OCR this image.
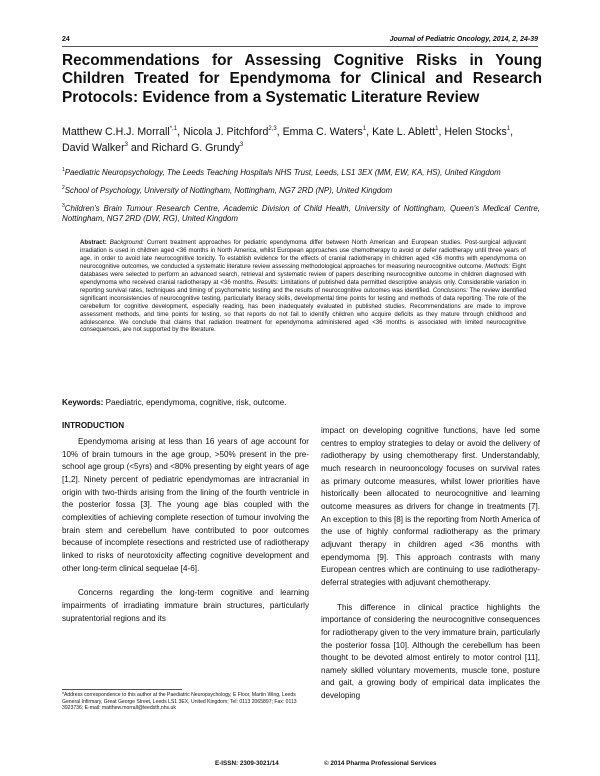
24	Journal of Pediatric Oncology, 2014, 2, 24-39
Recommendations for Assessing Cognitive Risks in Young Children Treated for Ependymoma for Clinical and Research Protocols: Evidence from a Systematic Literature Review
Matthew C.H.J. Morrall$^{*,1}$, Nicola J. Pitchford$^{2,3}$, Emma C. Waters$^1$, Kate L. Ablett$^1$, Helen Stocks$^1$, David Walker$^3$ and Richard G. Grundy$^3$

$^1$Paediatric Neuropsychology, The Leeds Teaching Hospitals NHS Trust, Leeds, LS1 3EX (MM, EW, KA, HS), United Kingdom

$^2$School of Psychology, University of Nottingham, Nottingham, NG7 2RD (NP), United Kingdom

$^3$Children's Brain Tumour Research Centre, Academic Division of Child Health, University of Nottingham, Queen's Medical Centre, Nottingham, NG7 2RD (DW, RG), United Kingdom

Abstract: Background: Current treatment approaches for pediatric ependymoma differ between North American and European studies. Post-surgical adjuvant irradiation is used in children aged <36 months in North America, whilst European approaches use chemotherapy to avoid or defer radiotherapy until three years of age, in order to avoid late neurocognitive toxicity. To establish evidence for the effects of cranial radiotherapy in children aged <36 months with ependymoma on neurocognitive outcomes, we conducted a systematic literature review assessing methodological approaches for measuring neurocognitive outcome. Methods: Eight databases were selected to perform an advanced search, retrieval and systematic review of papers describing neurocognitive outcome in children diagnosed with ependymoma who received cranial radiotherapy at <36 months. Results: Limitations of published data permitted descriptive analysis only. Considerable variation in reporting survival rates, techniques and timing of psychometric testing and the results of neurocognitive outcomes was identified. Conclusions: The review identified significant inconsistencies of neurocognitive testing, particularly literacy skills, developmental time points for testing and methods of data reporting. The role of the cerebellum for cognitive development, especially reading, has been inadequately evaluated in published studies. Recommendations are made to improve assessment methods, and time points for testing, so that reports do not fail to identify children who acquire deficits as they mature through childhood and adolescence. We conclude that claims that radiation treatment for ependymoma administered aged <36 months is associated with limited neurocognitive consequences, are not supported by the literature.
Keywords: Paediatric, ependymoma, cognitive, risk, outcome.
INTRODUCTION

Ependymoma arising at less than 16 years of age account for 10% of brain tumours in the age group, >50% present in the pre-school age group (<5yrs) and <80% presenting by eight years of age [1,2]. Ninety percent of pediatric ependymomas are intracranial in origin with two-thirds arising from the lining of the fourth ventricle in the posterior fossa [3]. The young age bias coupled with the complexities of achieving complete resection of tumour involving the brain stem and cerebellum have contributed to poor outcomes because of incomplete resections and restricted use of radiotherapy linked to risks of neurotoxicity affecting cognitive development and other long-term clinical sequelae [4-6].

Concerns regarding the long-term cognitive and learning impairments of irradiating immature brain structures, particularly supratentorial regions and its

impact on developing cognitive functions, have led some centres to employ strategies to delay or avoid the delivery of radiotherapy by using chemotherapy first. Understandably, much research in neurooncology focuses on survival rates as primary outcome measures, whilst lower priorities have historically been allocated to neurocognitive and learning outcome measures as drivers for change in treatments [7]. An exception to this [8] is the reporting from North America of the use of highly conformal radiotherapy as the primary adjuvant therapy in children aged <36 months with ependymoma [9]. This approach contrasts with many European centres which are continuing to use radiotherapy-deferral strategies with adjuvant chemotherapy.

This difference in clinical practice highlights the importance of considering the neurocognitive consequences for radiotherapy given to the very immature brain, particularly the posterior fossa [10]. Although the cerebellum has been thought to be devoted almost entirely to motor control [11], namely skilled voluntary movements, muscle tone, posture and gait, a growing body of empirical data implicates the developing

*Address correspondence to this author at the Paediatric Neuropsychology, E Floor, Martin Wing, Leeds General Infirmary, Great George Street, Leeds LS1 3EX, United Kingdom; Tel: 0113 2065897; Fax: 0113 3923736; E-mail: matthew.morrall@leedsth.nhs.uk
E-ISSN: 2309-3021/14	© 2014 Pharma Professional Services
